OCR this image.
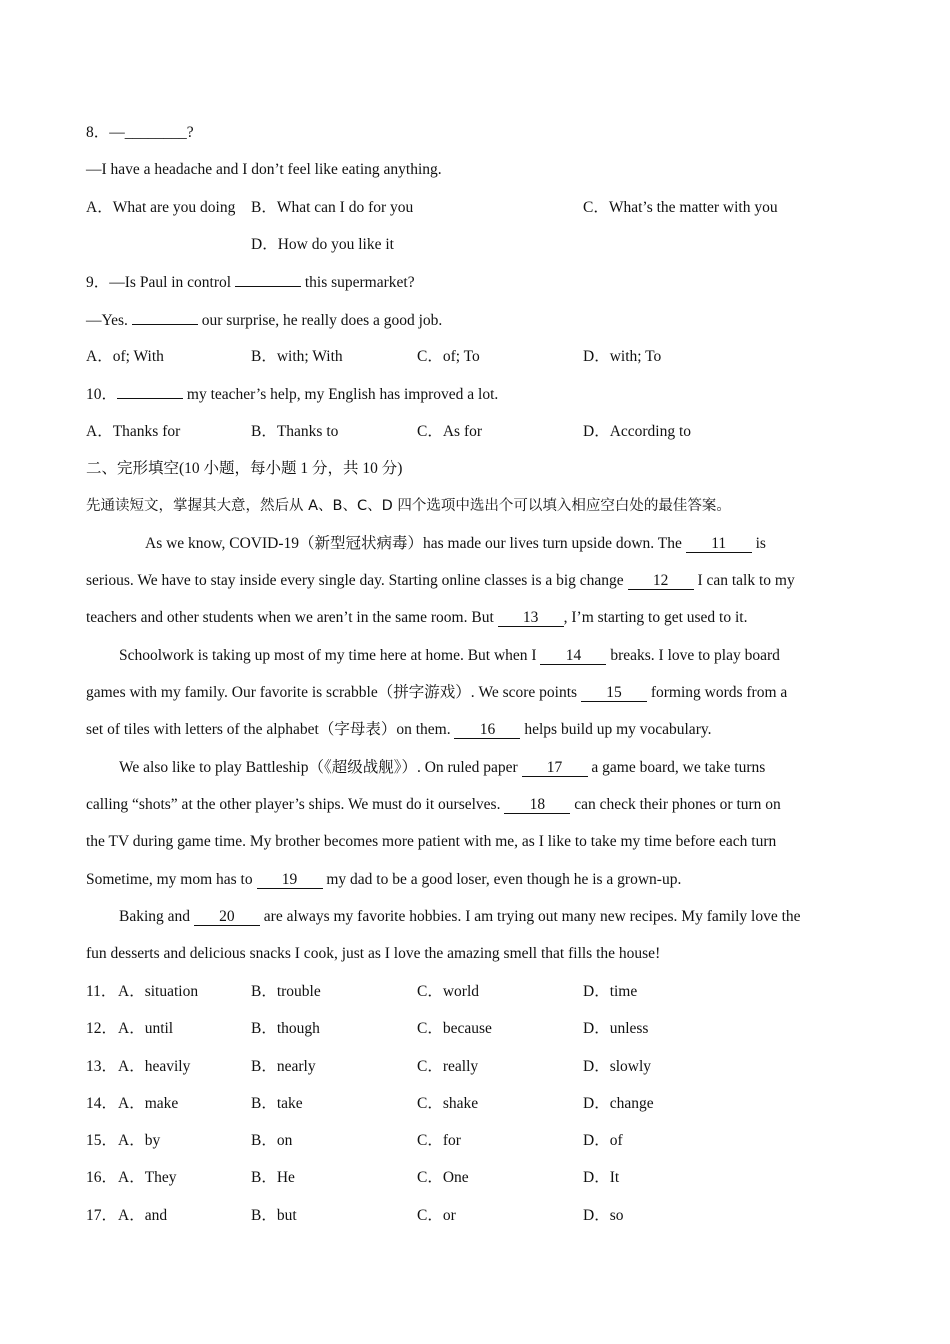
8．—________?
—I have a headache and I don’t feel like eating anything.
A．What are you doing B．What can I do for you	C．What’s the matter with you
D．How do you like it
9．—Is Paul in control	this supermarket?
—Yes.	our surprise, he really does a good job.
A．of; With	B．with; With	C．of; To	D．with; To
10．	my teacher’s help, my English has improved a lot.
A．Thanks for	B．Thanks to	C．As for	D．According to
二、完形填空(10 小题，每小题 1 分，共 10 分)
先通读短文，掌握其大意，然后从 A、B、C、D 四个选项中选出个可以填入相应空白处的最佳答案。
As we know, COVID-19（新型冠状病毒）has made our lives turn upside down. The 11 is
serious. We have to stay inside every single day. Starting online classes is a big change 12 I can talk to my
teachers and other students when we aren’t in the same room. But 13 , I’m starting to get used to it.
Schoolwork is taking up most of my time here at home. But when I 14 breaks. I love to play board
games with my family. Our favorite is scrabble（拼字游戏）. We score points 15 forming words from a
set of tiles with letters of the alphabet（字母表）on them. 16 helps build up my vocabulary.
We also like to play Battleship（《超级战舰》）. On ruled paper 17 a game board, we take turns
calling “shots” at the other player’s ships. We must do it ourselves. 18 can check their phones or turn on
the TV during game time. My brother becomes more patient with me, as I like to take my time before each turn
Sometime, my mom has to 19 my dad to be a good loser, even though he is a grown-up.
Baking and 20 are always my favorite hobbies. I am trying out many new recipes. My family love the
fun desserts and delicious snacks I cook, just as I love the amazing smell that fills the house!
11． A．situation	B．trouble	C．world	D．time
12． A．until	B．though	C．because	D．unless
13． A．heavily	B．nearly	C．really	D．slowly
14． A．make	B．take	C．shake	D．change
15． A．by	B．on	C．for	D．of
16． A．They	B．He	C．One	D．It
17． A．and	B．but	C．or	D．so
